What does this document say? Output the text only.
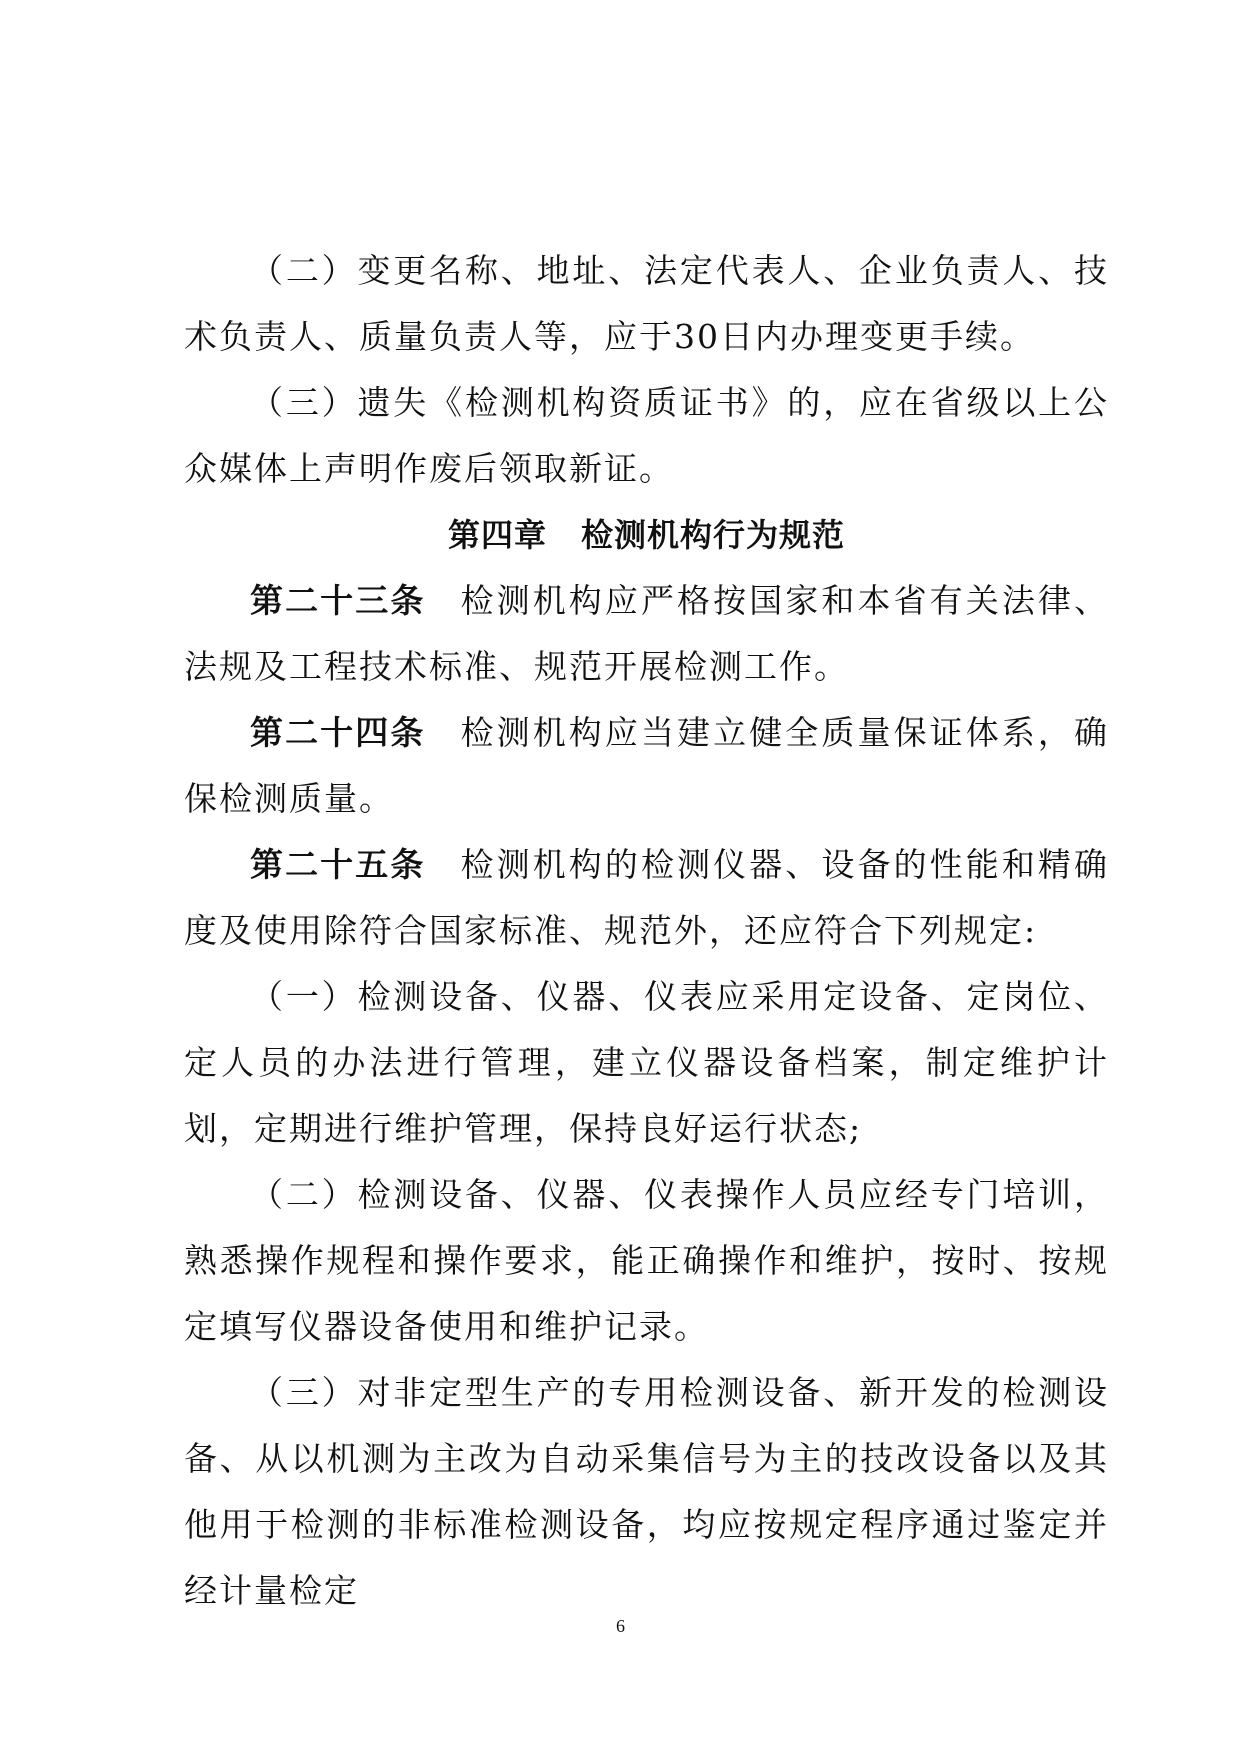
（二）变更名称、地址、法定代表人、企业负责人、技术负责人、质量负责人等，应于30日内办理变更手续。

（三）遗失《检测机构资质证书》的，应在省级以上公众媒体上声明作废后领取新证。

第四章 检测机构行为规范

第二十三条 检测机构应严格按国家和本省有关法律、法规及工程技术标准、规范开展检测工作。

第二十四条 检测机构应当建立健全质量保证体系，确保检测质量。

第二十五条 检测机构的检测仪器、设备的性能和精确度及使用除符合国家标准、规范外，还应符合下列规定:

（一）检测设备、仪器、仪表应采用定设备、定岗位、定人员的办法进行管理，建立仪器设备档案，制定维护计划，定期进行维护管理，保持良好运行状态;

（二）检测设备、仪器、仪表操作人员应经专门培训，熟悉操作规程和操作要求，能正确操作和维护，按时、按规定填写仪器设备使用和维护记录。

（三）对非定型生产的专用检测设备、新开发的检测设备、从以机测为主改为自动采集信号为主的技改设备以及其他用于检测的非标准检测设备，均应按规定程序通过鉴定并经计量检定

6
